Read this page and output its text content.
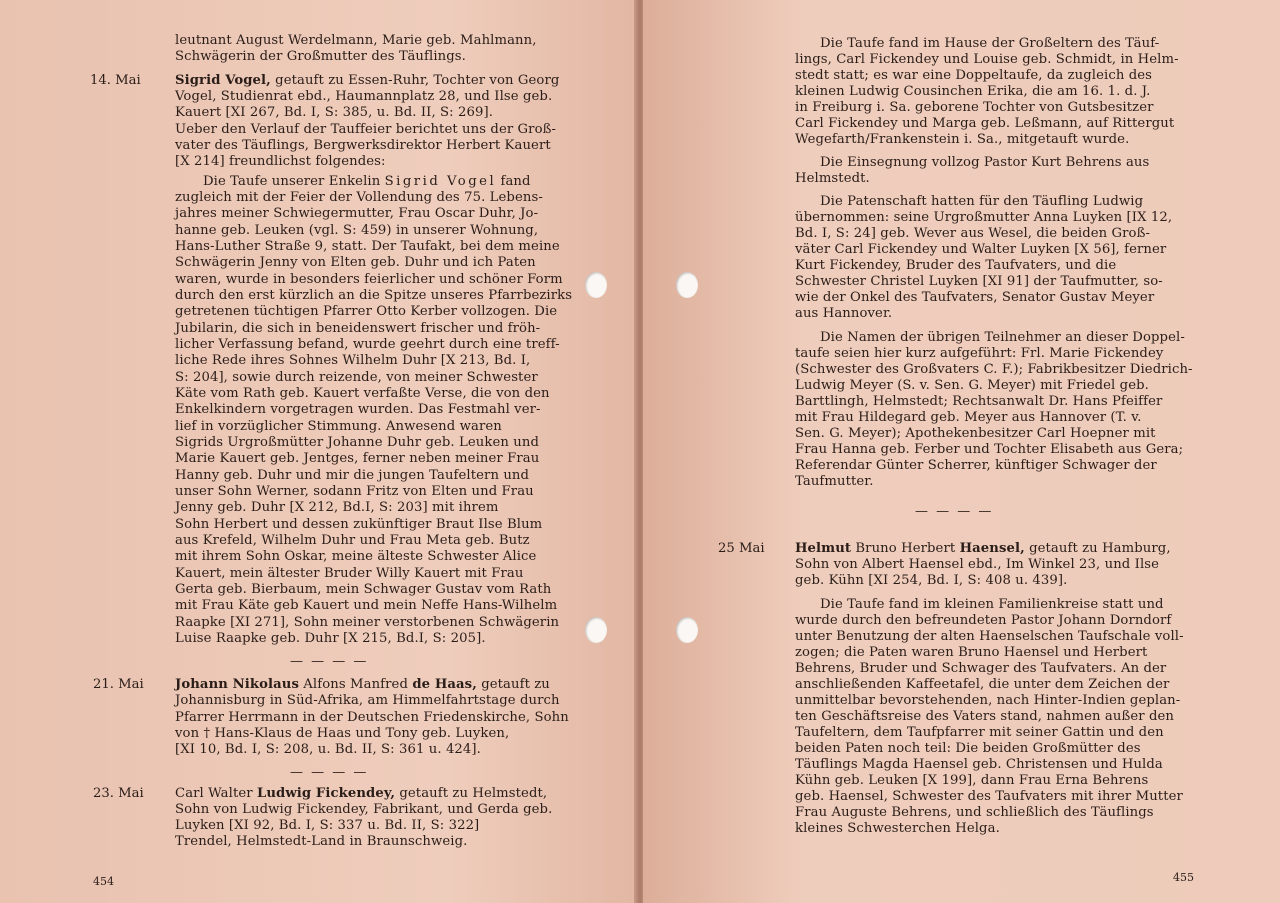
leutnant August Werdelmann, Marie geb. Mahlmann,
Schwägerin der Großmutter des Täuflings.
14. Mai	Sigrid Vogel, getauft zu Essen-Ruhr, Tochter von Georg
Vogel, Studienrat ebd., Haumannplatz 28, und Ilse geb.
Kauert [XI 267, Bd. I, S: 385, u. Bd. II, S: 269].
Ueber den Verlauf der Tauffeier berichtet uns der Groß-
vater des Täuflings, Bergwerksdirektor Herbert Kauert
[X 214] freundlichst folgendes:
Die Taufe unserer Enkelin Sigrid Vogel fand
zugleich mit der Feier der Vollendung des 75. Lebens-
jahres meiner Schwiegermutter, Frau Oscar Duhr, Jo-
hanne geb. Leuken (vgl. S: 459) in unserer Wohnung,
Hans-Luther Straße 9, statt. Der Taufakt, bei dem meine
Schwägerin Jenny von Elten geb. Duhr und ich Paten
waren, wurde in besonders feierlicher und schöner Form
durch den erst kürzlich an die Spitze unseres Pfarrbezirks
getretenen tüchtigen Pfarrer Otto Kerber vollzogen. Die
Jubilarin, die sich in beneidenswert frischer und fröh-
licher Verfassung befand, wurde geehrt durch eine treff-
liche Rede ihres Sohnes Wilhelm Duhr [X 213, Bd. I,
S: 204], sowie durch reizende, von meiner Schwester
Käte vom Rath geb. Kauert verfaßte Verse, die von den
Enkelkindern vorgetragen wurden. Das Festmahl ver-
lief in vorzüglicher Stimmung. Anwesend waren
Sigrids Urgroßmütter Johanne Duhr geb. Leuken und
Marie Kauert geb. Jentges, ferner neben meiner Frau
Hanny geb. Duhr und mir die jungen Taufeltern und
unser Sohn Werner, sodann Fritz von Elten und Frau
Jenny geb. Duhr [X 212, Bd.I, S: 203] mit ihrem
Sohn Herbert und dessen zukünftiger Braut Ilse Blum
aus Krefeld, Wilhelm Duhr und Frau Meta geb. Butz
mit ihrem Sohn Oskar, meine älteste Schwester Alice
Kauert, mein ältester Bruder Willy Kauert mit Frau
Gerta geb. Bierbaum, mein Schwager Gustav vom Rath
mit Frau Käte geb Kauert und mein Neffe Hans-Wilhelm
Raapke [XI 271], Sohn meiner verstorbenen Schwägerin
Luise Raapke geb. Duhr [X 215, Bd.I, S: 205].
— — — —
21. Mai Johann Nikolaus Alfons Manfred de Haas, getauft zu
Johannisburg in Süd-Afrika, am Himmelfahrtstage durch
Pfarrer Herrmann in der Deutschen Friedenskirche, Sohn
von † Hans-Klaus de Haas und Tony geb. Luyken,
[XI 10, Bd. I, S: 208, u. Bd. II, S: 361 u. 424].
— — — —
23. Mai Carl Walter Ludwig Fickendey, getauft zu Helmstedt,
Sohn von Ludwig Fickendey, Fabrikant, und Gerda geb.
Luyken [XI 92, Bd. I, S: 337 u. Bd. II, S: 322]
Trendel, Helmstedt-Land in Braunschweig.
454
Die Taufe fand im Hause der Großeltern des Täuf-
lings, Carl Fickendey und Louise geb. Schmidt, in Helm-
stedt statt; es war eine Doppeltaufe, da zugleich des
kleinen Ludwig Cousinchen Erika, die am 16. 1. d. J.
in Freiburg i. Sa. geborene Tochter von Gutsbesitzer
Carl Fickendey und Marga geb. Leßmann, auf Rittergut
Wegefarth/Frankenstein i. Sa., mitgetauft wurde.
Die Einsegnung vollzog Pastor Kurt Behrens aus
Helmstedt.
Die Patenschaft hatten für den Täufling Ludwig
übernommen: seine Urgroßmutter Anna Luyken [IX 12,
Bd. I, S: 24] geb. Wever aus Wesel, die beiden Groß-
väter Carl Fickendey und Walter Luyken [X 56], ferner
Kurt Fickendey, Bruder des Taufvaters, und die
Schwester Christel Luyken [XI 91] der Taufmutter, so-
wie der Onkel des Taufvaters, Senator Gustav Meyer
aus Hannover.
Die Namen der übrigen Teilnehmer an dieser Doppel-
taufe seien hier kurz aufgeführt: Frl. Marie Fickendey
(Schwester des Großvaters C. F.); Fabrikbesitzer Diedrich-
Ludwig Meyer (S. v. Sen. G. Meyer) mit Friedel geb.
Barttlingh, Helmstedt; Rechtsanwalt Dr. Hans Pfeiffer
mit Frau Hildegard geb. Meyer aus Hannover (T. v.
Sen. G. Meyer); Apothekenbesitzer Carl Hoepner mit
Frau Hanna geb. Ferber und Tochter Elisabeth aus Gera;
Referendar Günter Scherrer, künftiger Schwager der
Taufmutter.
— — — —
25 Mai Helmut Bruno Herbert Haensel, getauft zu Hamburg,
Sohn von Albert Haensel ebd., Im Winkel 23, und Ilse
geb. Kühn [XI 254, Bd. I, S: 408 u. 439].
Die Taufe fand im kleinen Familienkreise statt und
wurde durch den befreundeten Pastor Johann Dorndorf
unter Benutzung der alten Haenselschen Taufschale voll-
zogen; die Paten waren Bruno Haensel und Herbert
Behrens, Bruder und Schwager des Taufvaters. An der
anschließenden Kaffeetafel, die unter dem Zeichen der
unmittelbar bevorstehenden, nach Hinter-Indien geplan-
ten Geschäftsreise des Vaters stand, nahmen außer den
Taufeltern, dem Taufpfarrer mit seiner Gattin und den
beiden Paten noch teil: Die beiden Großmütter des
Täuflings Magda Haensel geb. Christensen und Hulda
Kühn geb. Leuken [X 199], dann Frau Erna Behrens
geb. Haensel, Schwester des Taufvaters mit ihrer Mutter
Frau Auguste Behrens, und schließlich des Täuflings
kleines Schwesterchen Helga.
455
